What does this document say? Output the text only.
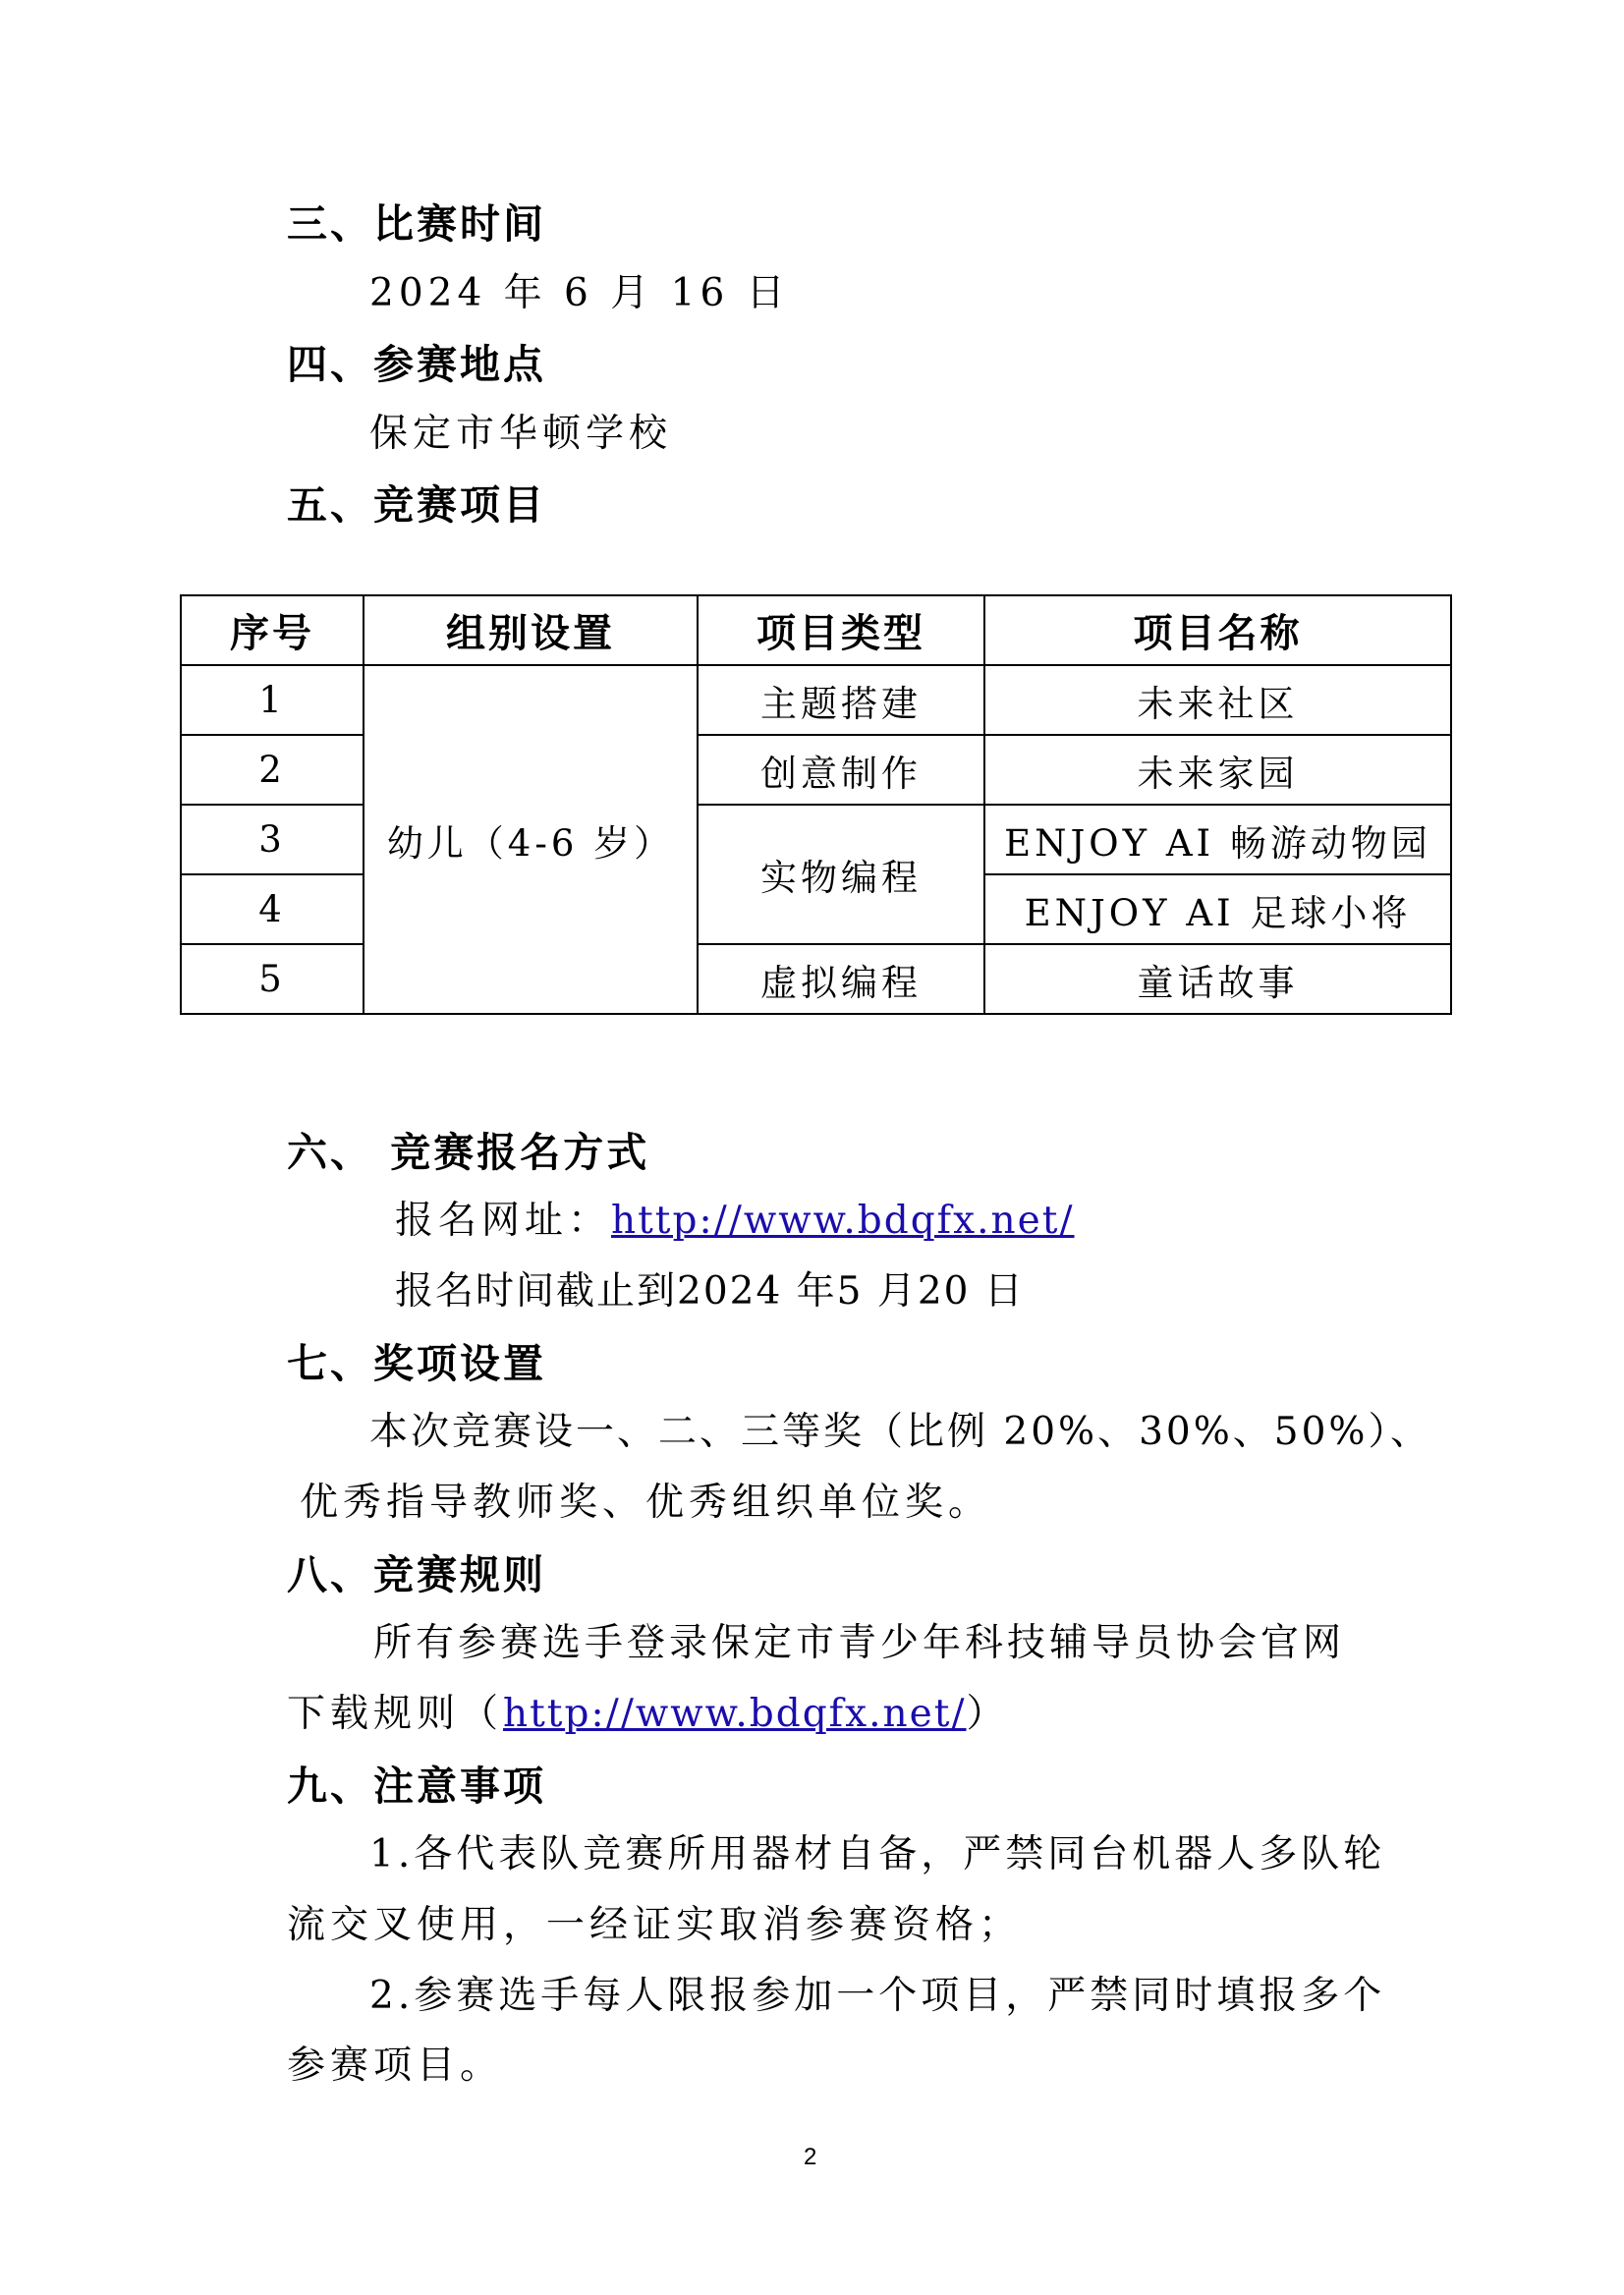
三、比赛时间
2024 年 6 月 16 日
四、参赛地点
保定市华顿学校
五、竞赛项目
序号	组别设置	项目类型	项目名称
1	幼儿（4-6 岁）	主题搭建	未来社区
2		创意制作	未来家园
3		实物编程	ENJOY AI 畅游动物园
4			ENJOY AI 足球小将
5		虚拟编程	童话故事
六、 竞赛报名方式
报名网址：http://www.bdqfx.net/
报名时间截止到2024 年5 月20 日
七、奖项设置
本次竞赛设一、二、三等奖（比例 20%、30%、50%）、
优秀指导教师奖、优秀组织单位奖。
八、竞赛规则
所有参赛选手登录保定市青少年科技辅导员协会官网
下载规则（http://www.bdqfx.net/）
九、注意事项
1.各代表队竞赛所用器材自备，严禁同台机器人多队轮
流交叉使用，一经证实取消参赛资格；
2.参赛选手每人限报参加一个项目，严禁同时填报多个
参赛项目。
2
